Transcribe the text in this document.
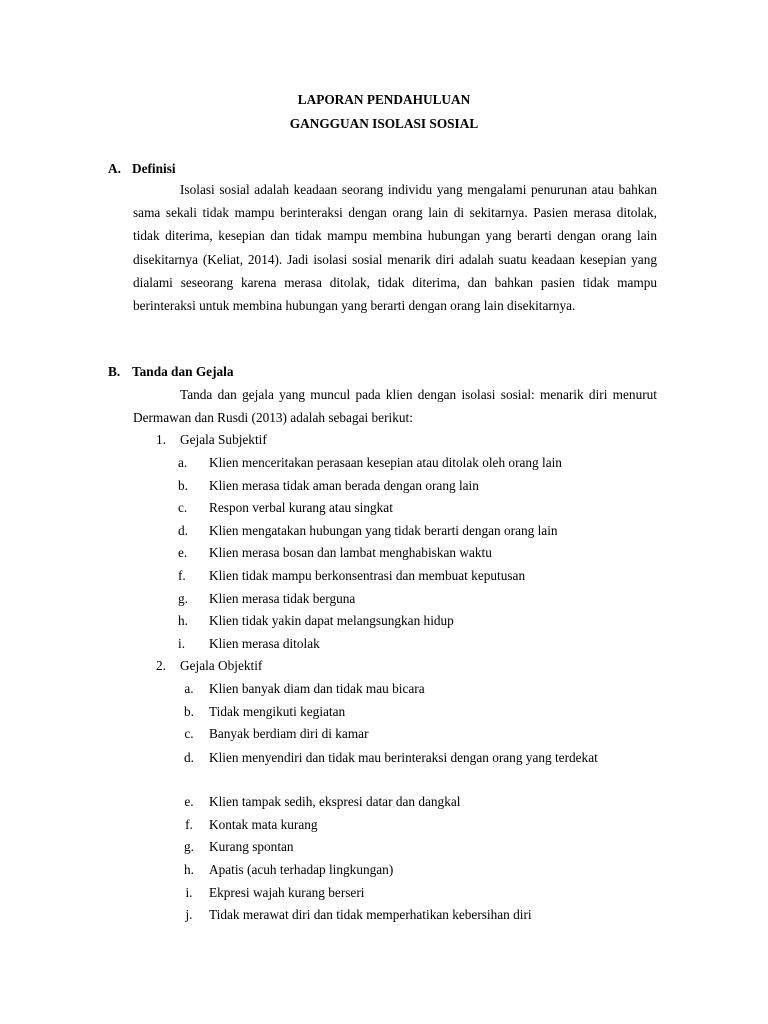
LAPORAN PENDAHULUAN
GANGGUAN ISOLASI SOSIAL
A. Definisi
Isolasi sosial adalah keadaan seorang individu yang mengalami penurunan atau bahkan sama sekali tidak mampu berinteraksi dengan orang lain di sekitarnya. Pasien merasa ditolak, tidak diterima, kesepian dan tidak mampu membina hubungan yang berarti dengan orang lain disekitarnya (Keliat, 2014). Jadi isolasi sosial menarik diri adalah suatu keadaan kesepian yang dialami seseorang karena merasa ditolak, tidak diterima, dan bahkan pasien tidak mampu berinteraksi untuk membina hubungan yang berarti dengan orang lain disekitarnya.
B. Tanda dan Gejala
Tanda dan gejala yang muncul pada klien dengan isolasi sosial: menarik diri menurut Dermawan dan Rusdi (2013) adalah sebagai berikut:
1.	Gejala Subjektif
a.	Klien menceritakan perasaan kesepian atau ditolak oleh orang lain
b.	Klien merasa tidak aman berada dengan orang lain
c.	Respon verbal kurang atau singkat
d.	Klien mengatakan hubungan yang tidak berarti dengan orang lain
e.	Klien merasa bosan dan lambat menghabiskan waktu
f.	Klien tidak mampu berkonsentrasi dan membuat keputusan
g.	Klien merasa tidak berguna
h.	Klien tidak yakin dapat melangsungkan hidup
i.	Klien merasa ditolak
2.	Gejala Objektif
a.	Klien banyak diam dan tidak mau bicara
b.	Tidak mengikuti kegiatan
c.	Banyak berdiam diri di kamar
d.	Klien menyendiri dan tidak mau berinteraksi dengan orang yang terdekat
e.	Klien tampak sedih, ekspresi datar dan dangkal
f.	Kontak mata kurang
g.	Kurang spontan
h.	Apatis (acuh terhadap lingkungan)
i.	Ekpresi wajah kurang berseri
j.	Tidak merawat diri dan tidak memperhatikan kebersihan diri
